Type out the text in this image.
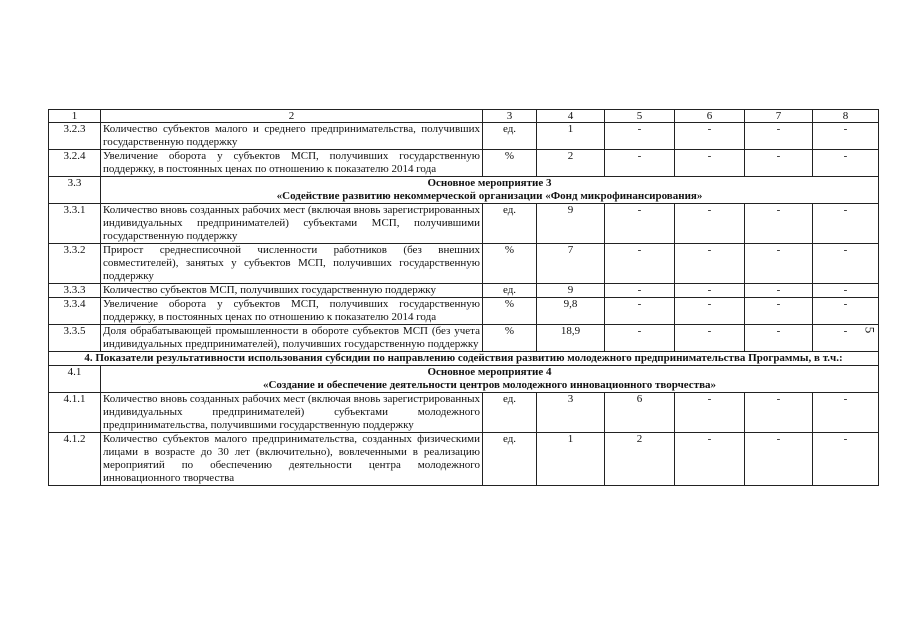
1	2	3	4	5	6	7	8
3.2.3	Количество субъектов малого и среднего предпринимательства, получивших государственную поддержку	ед.	1	-	-	-	-
3.2.4	Увеличение оборота у субъектов МСП, получивших государственную поддержку, в постоянных ценах по отношению к показателю 2014 года	%	2	-	-	-	-
3.3	Основное мероприятие 3
«Содействие развитию некоммерческой организации «Фонд микрофинансирования»						

3.3.1	Количество вновь созданных рабочих мест (включая вновь зарегистрированных индивидуальных предпринимателей) субъектами МСП, получившими государственную поддержку	ед.	9	-	-	-	-
3.3.2	Прирост среднесписочной численности работников (без внешних совместителей), занятых у субъектов МСП, получивших государственную поддержку	%	7	-	-	-	-
3.3.3	Количество субъектов МСП, получивших государственную поддержку	ед.	9	-	-	-	-
3.3.4	Увеличение оборота у субъектов МСП, получивших государственную поддержку, в постоянных ценах по отношению к показателю 2014 года	%	9,8	-	-	-	-
3.3.5	Доля обрабатывающей промышленности в обороте субъектов МСП (без учета индивидуальных предпринимателей), получивших государственную поддержку	%	18,9	-	-	-	-
4. Показатели результативности использования субсидии по направлению содействия развитию молодежного предпринимательства Программы, в т.ч.:							
4.1	Основное мероприятие 4
«Создание и обеспечение деятельности центров молодежного инновационного творчества»						

4.1.1	Количество вновь созданных рабочих мест (включая вновь зарегистрированных индивидуальных предпринимателей) субъектами молодежного предпринимательства, получившими государственную поддержку	ед.	3	6	-	-	-
4.1.2	Количество субъектов малого предпринимательства, созданных физическими лицами в возрасте до 30 лет (включительно), вовлеченными в реализацию мероприятий по обеспечению деятельности центра молодежного инновационного творчества	ед.	1	2	-	-	-
5
